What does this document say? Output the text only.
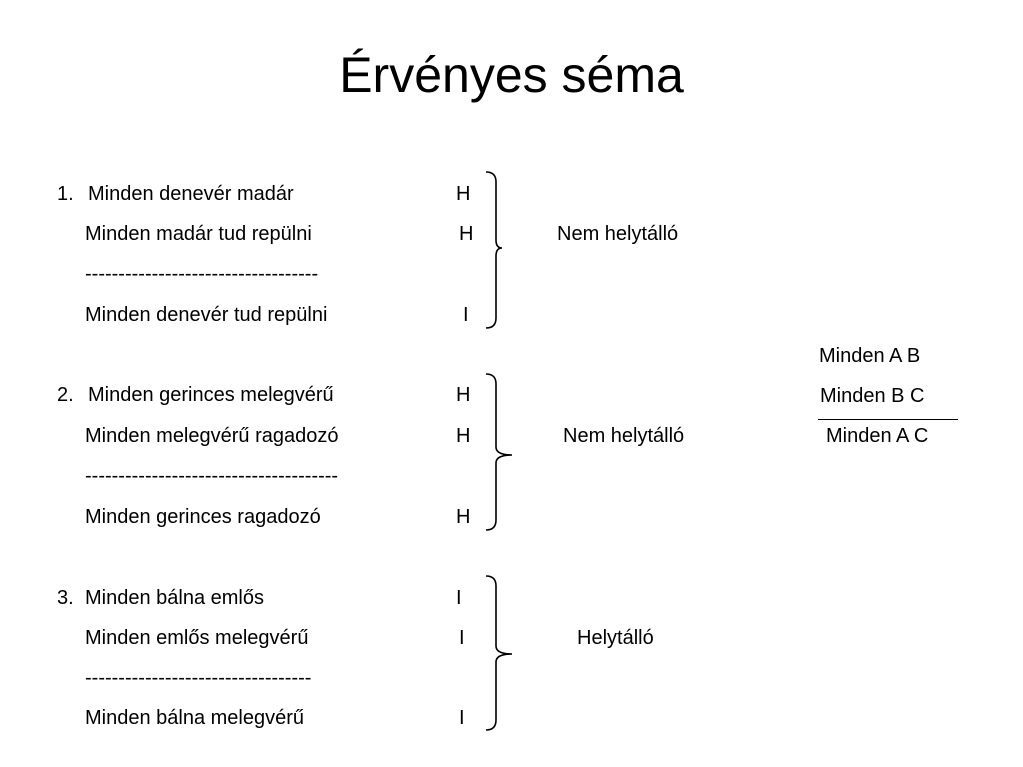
Érvényes séma
1. Minden denevér madár	H
Minden madár tud repülni	H
-----------------------------------
Minden denevér tud repülni	I
Nem helytálló
2. Minden gerinces melegvérű	H
Minden melegvérű ragadozó	H
--------------------------------------
Minden gerinces ragadozó	H
Nem helytálló
3. Minden bálna emlős	I
Minden emlős melegvérű	I
----------------------------------
Minden bálna melegvérű	I
Helytálló
Minden A B
Minden B C
Minden A C
